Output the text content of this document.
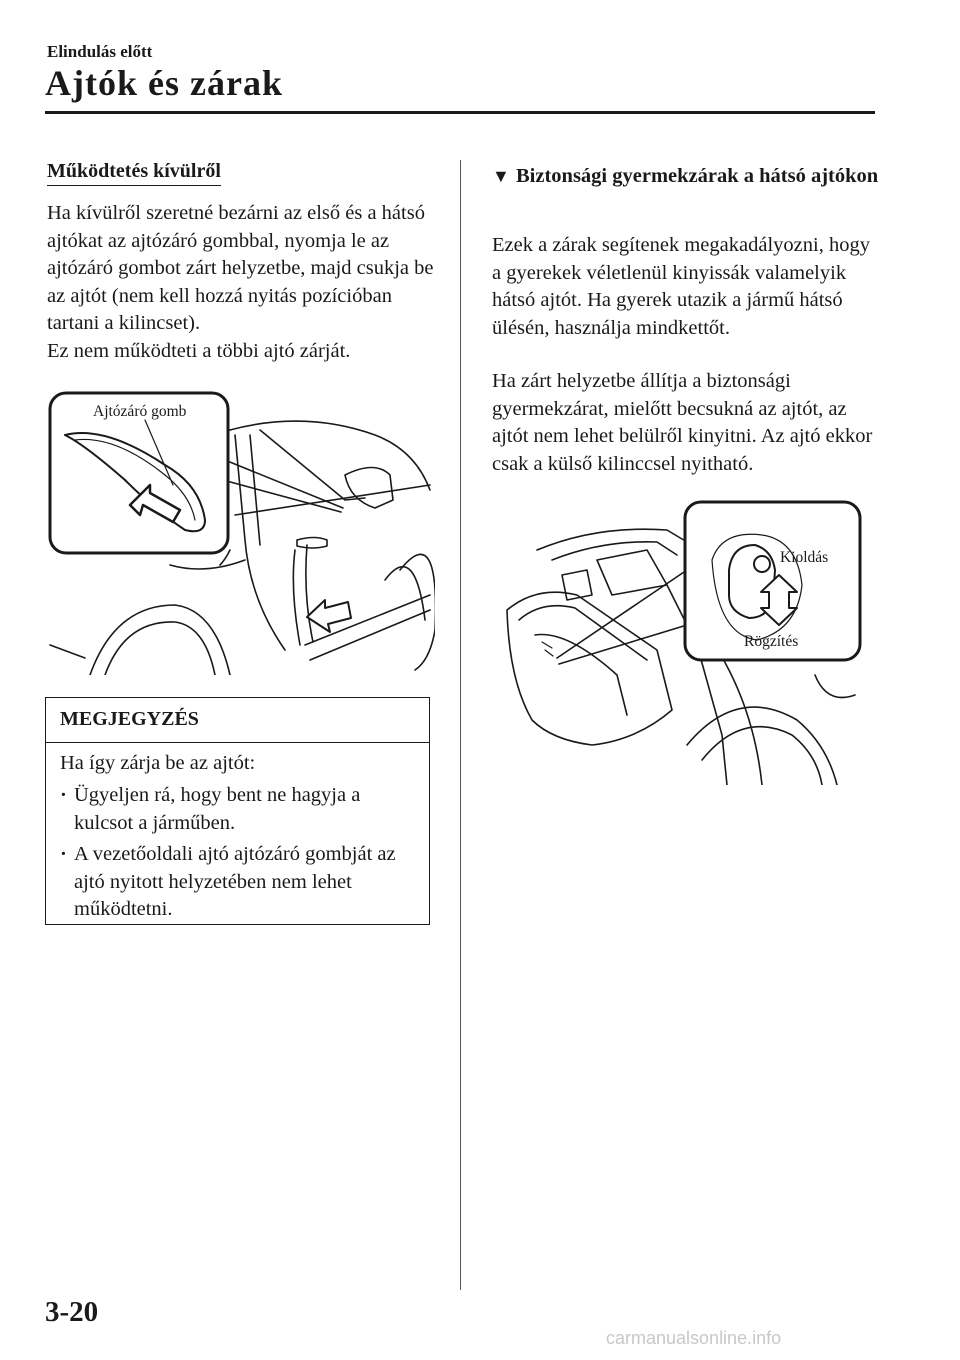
Elindulás előtt
Ajtók és zárak
Működtetés kívülről

Ha kívülről szeretné bezárni az első és a hátsó ajtókat az ajtózáró gombbal, nyomja le az ajtózáró gombot zárt helyzetbe, majd csukja be az ajtót (nem kell hozzá nyitás pozícióban tartani a kilincset).

Ez nem működteti a többi ajtó zárját.

Ajtózáró gomb
MEGJEGYZÉS
Ha így zárja be az ajtót:
· Ügyeljen rá, hogy bent ne hagyja a kulcsot a járműben.
· A vezetőoldali ajtó ajtózáró gombját az ajtó nyitott helyzetében nem lehet működtetni.
▼ Biztonsági gyermekzárak a hátsó ajtókon

Ezek a zárak segítenek megakadályozni, hogy a gyerekek véletlenül kinyissák valamelyik hátsó ajtót. Ha gyerek utazik a jármű hátsó ülésén, használja mindkettőt.

Ha zárt helyzetbe állítja a biztonsági gyermekzárat, mielőtt becsukná az ajtót, az ajtót nem lehet belülről kinyitni. Az ajtó ekkor csak a külső kilinccsel nyitható.

Kioldás
Rögzítés
3-20
carmanualsonline.info
